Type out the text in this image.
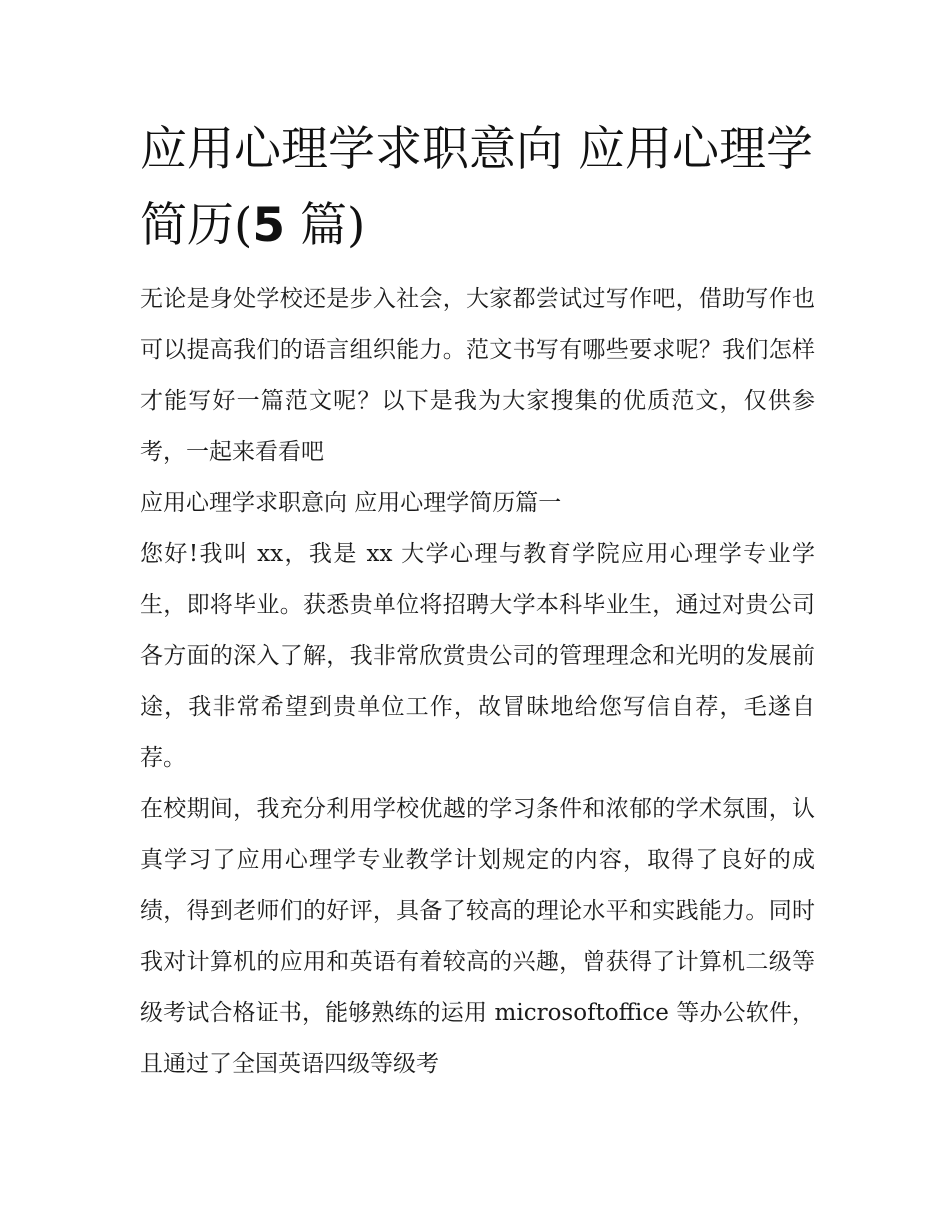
应用心理学求职意向 应用心理学简历(5 篇)

无论是身处学校还是步入社会，大家都尝试过写作吧，借助写作也可以提高我们的语言组织能力。范文书写有哪些要求呢？我们怎样才能写好一篇范文呢？以下是我为大家搜集的优质范文，仅供参考，一起来看看吧

应用心理学求职意向 应用心理学简历篇一

您好!我叫 xx，我是 xx 大学心理与教育学院应用心理学专业学生，即将毕业。获悉贵单位将招聘大学本科毕业生，通过对贵公司各方面的深入了解，我非常欣赏贵公司的管理理念和光明的发展前途，我非常希望到贵单位工作，故冒昧地给您写信自荐，毛遂自荐。

在校期间，我充分利用学校优越的学习条件和浓郁的学术氛围，认真学习了应用心理学专业教学计划规定的内容，取得了良好的成绩，得到老师们的好评，具备了较高的理论水平和实践能力。同时我对计算机的应用和英语有着较高的兴趣，曾获得了计算机二级等级考试合格证书，能够熟练的运用 microsoftoffice 等办公软件，且通过了全国英语四级等级考
